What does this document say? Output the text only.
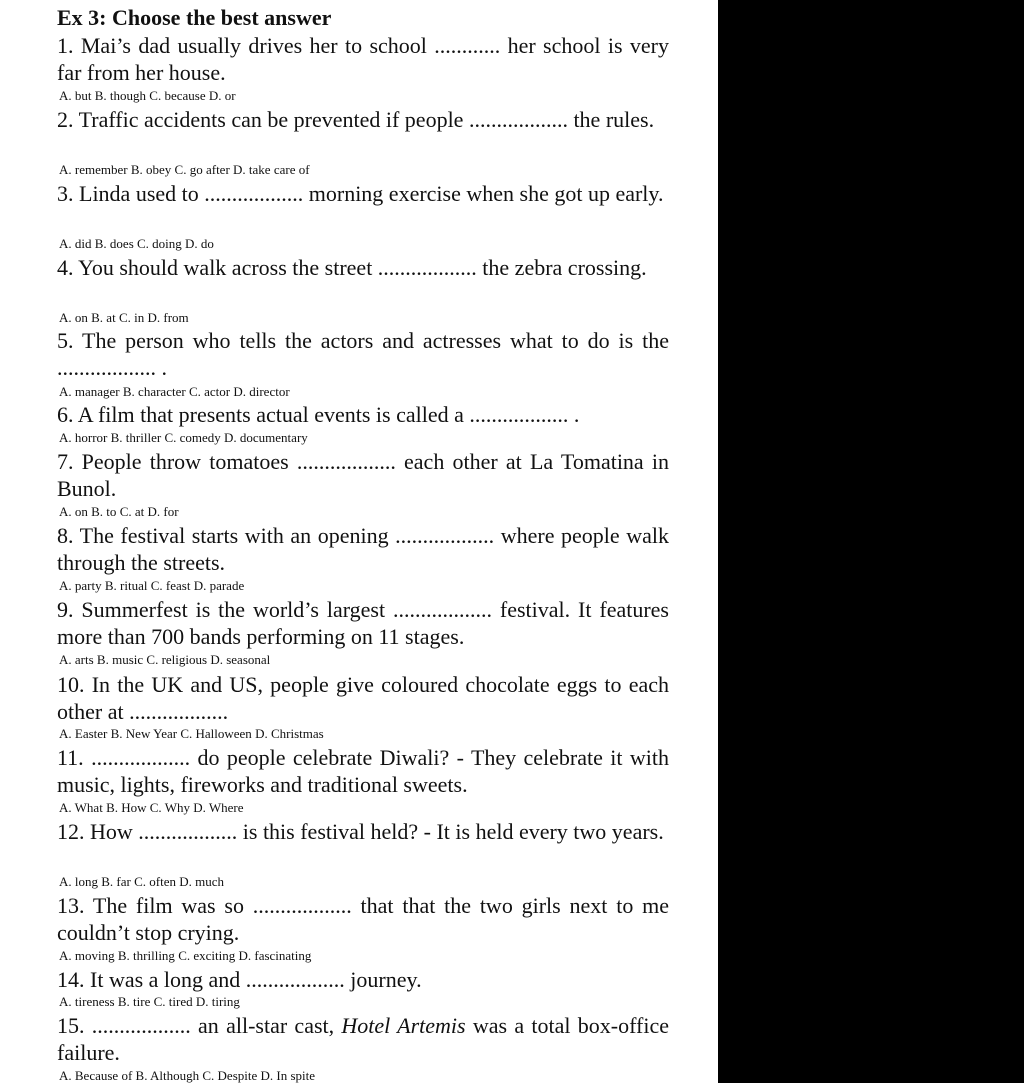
Ex 3: Choose the best answer
1. Mai’s dad usually drives her to school ............ her school is very far from her house.
A. but B. though C. because D. or
2. Traffic accidents can be prevented if people .................. the rules.
A. remember B. obey C. go after D. take care of
3. Linda used to .................. morning exercise when she got up early.
A. did B. does C. doing D. do
4. You should walk across the street .................. the zebra crossing.
A. on B. at C. in D. from
5. The person who tells the actors and actresses what to do is the .................. .
A. manager B. character C. actor D. director
6. A film that presents actual events is called a .................. .
A. horror B. thriller C. comedy D. documentary
7. People throw tomatoes .................. each other at La Tomatina in Bunol.
A. on B. to C. at D. for
8. The festival starts with an opening .................. where people walk through the streets.
A. party B. ritual C. feast D. parade
9. Summerfest is the world’s largest .................. festival. It features more than 700 bands performing on 11 stages.
A. arts B. music C. religious D. seasonal
10. In the UK and US, people give coloured chocolate eggs to each other at ..................
A. Easter B. New Year C. Halloween D. Christmas
11. .................. do people celebrate Diwali? - They celebrate it with music, lights, fireworks and traditional sweets.
A. What B. How C. Why D. Where
12. How .................. is this festival held? - It is held every two years.
A. long B. far C. often D. much
13. The film was so .................. that that the two girls next to me couldn’t stop crying.
A. moving B. thrilling C. exciting D. fascinating
14. It was a long and .................. journey.
A. tireness B. tire C. tired D. tiring
15. .................. an all-star cast, Hotel Artemis was a total box-office failure.
A. Because of B. Although C. Despite D. In spite
